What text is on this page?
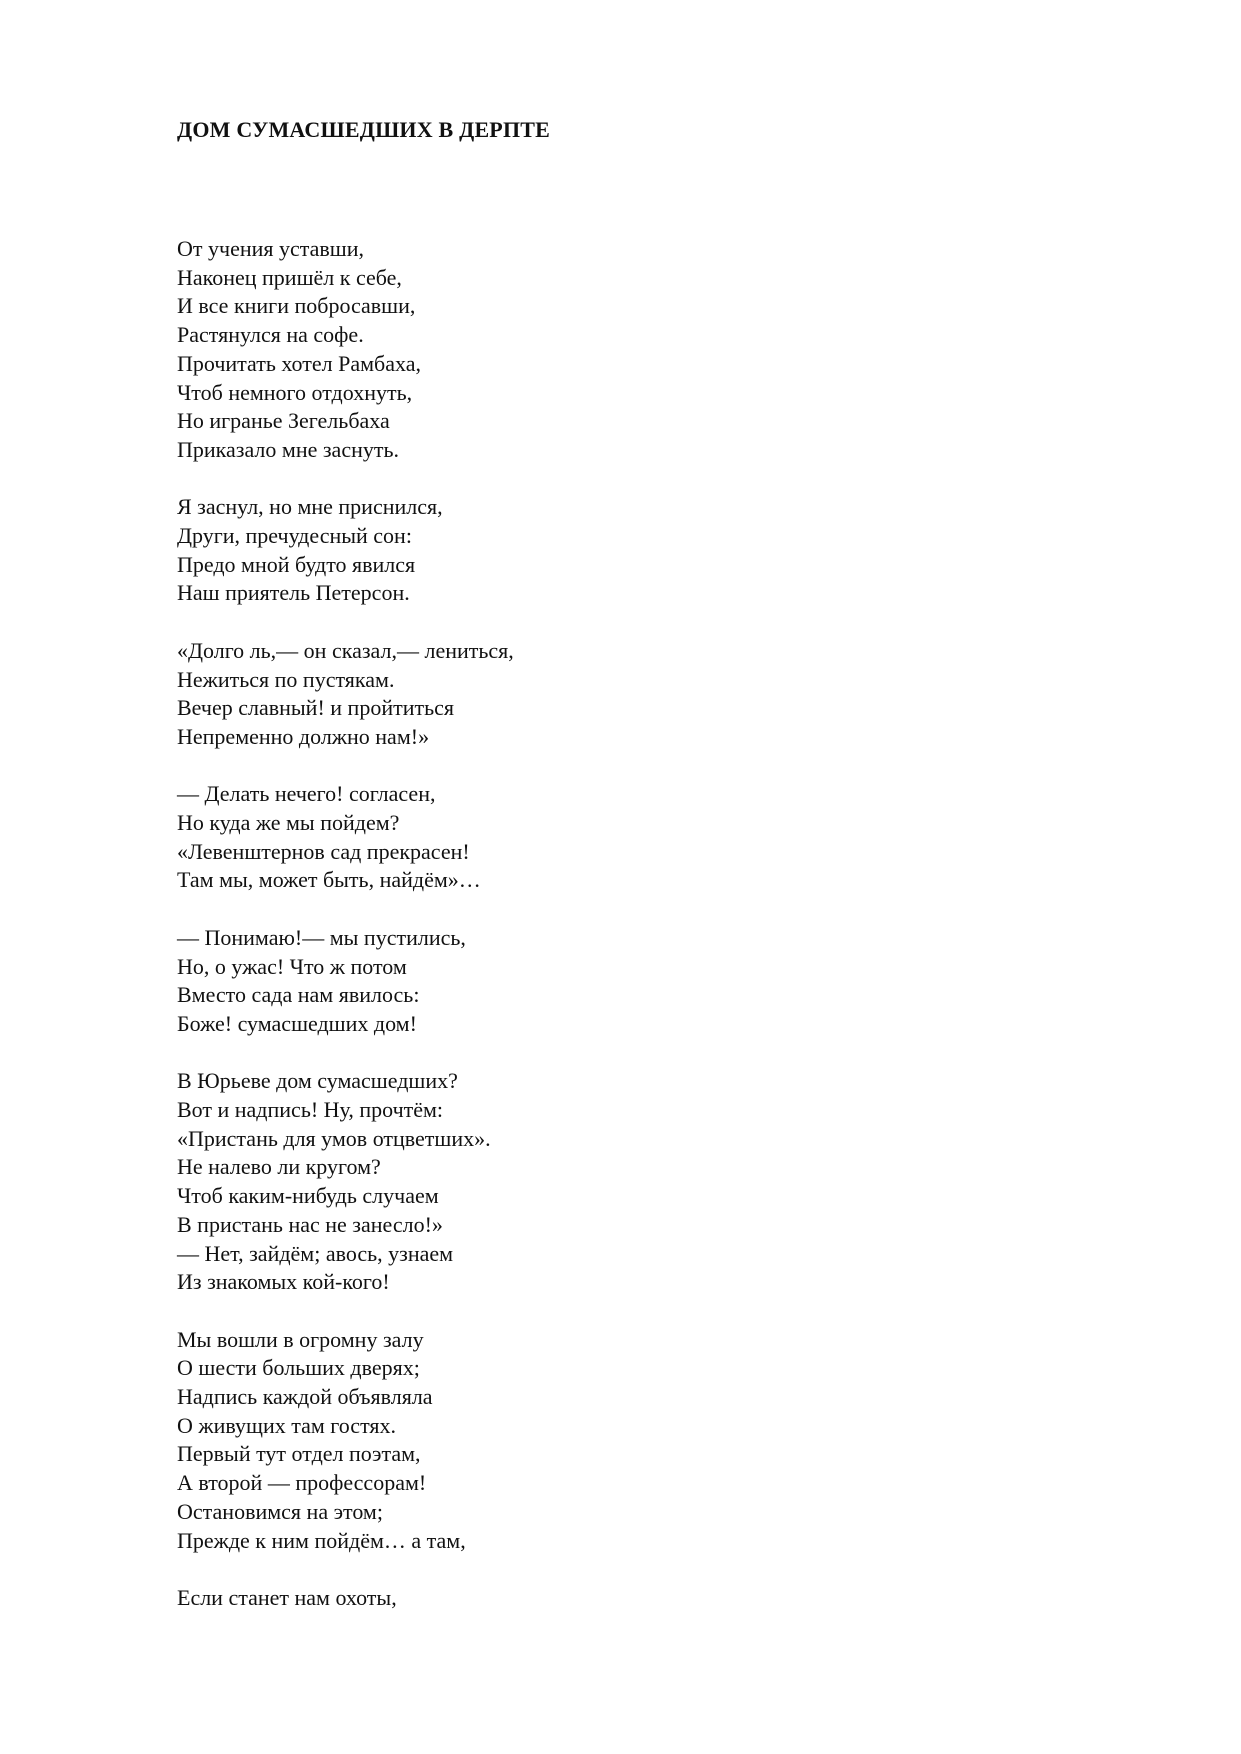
ДОМ СУМАСШЕДШИХ В ДЕРПТЕ
От учения уставши,
Наконец пришёл к себе,
И все книги побросавши,
Растянулся на софе.
Прочитать хотел Рамбаха,
Чтоб немного отдохнуть,
Но игранье Зегельбаха
Приказало мне заснуть.
Я заснул, но мне приснился,
Други, пречудесный сон:
Предо мной будто явился
Наш приятель Петерсон.
«Долго ль,— он сказал,— лениться,
Нежиться по пустякам.
Вечер славный! и пройтиться
Непременно должно нам!»
— Делать нечего! согласен,
Но куда же мы пойдем?
«Левенштернов сад прекрасен!
Там мы, может быть, найдём»…
— Понимаю!— мы пустились,
Но, о ужас! Что ж потом
Вместо сада нам явилось:
Боже! сумасшедших дом!
В Юрьеве дом сумасшедших?
Вот и надпись! Ну, прочтём:
«Пристань для умов отцветших».
Не налево ли кругом?
Чтоб каким-нибудь случаем
В пристань нас не занесло!»
— Нет, зайдём; авось, узнаем
Из знакомых кой-кого!
Мы вошли в огромну залу
О шести больших дверях;
Надпись каждой объявляла
О живущих там гостях.
Первый тут отдел поэтам,
А второй — профессорам!
Остановимся на этом;
Прежде к ним пойдём… а там,
Если станет нам охоты,
